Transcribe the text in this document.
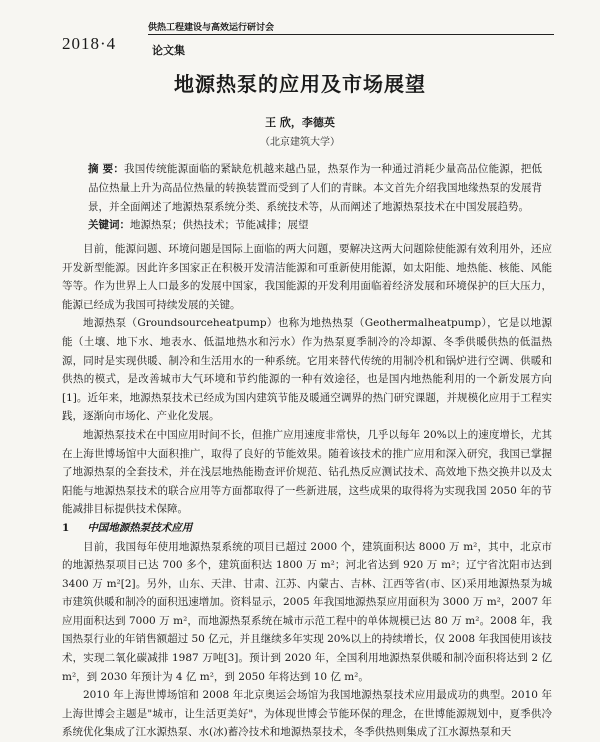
2018·4
供热工程建设与高效运行研讨会
论文集
地源热泵的应用及市场展望
王 欣，李德英
（北京建筑大学）
摘 要：我国传统能源面临的紧缺危机越来越凸显，热泵作为一种通过消耗少量高品位能源，把低品位热量上升为高品位热量的转换装置而受到了人们的青睐。本文首先介绍我国地缘热泵的发展背景，并全面阐述了地源热泵系统分类、系统技术等，从而阐述了地源热泵技术在中国发展趋势。
关键词：地源热泵；供热技术；节能减排；展望

目前，能源问题、环境问题是国际上面临的两大问题，要解决这两大问题除使能源有效利用外，还应开发新型能源。因此许多国家正在积极开发清洁能源和可重新使用能源，如太阳能、地热能、核能、风能等等。作为世界上人口最多的发展中国家，我国能源的开发利用面临着经济发展和环境保护的巨大压力，能源已经成为我国可持续发展的关键。

地源热泵（Groundsourceheatpump）也称为地热热泵（Geothermalheatpump），它是以地源能（土壤、地下水、地表水、低温地热水和污水）作为热泵夏季制冷的冷却源、冬季供暖供热的低温热源，同时是实现供暖、制冷和生活用水的一种系统。它用来替代传统的用制冷机和锅炉进行空调、供暖和供热的模式，是改善城市大气环境和节约能源的一种有效途径，也是国内地热能利用的一个新发展方向[1]。近年来，地源热泵技术已经成为国内建筑节能及暖通空调界的热门研究课题，并规模化应用于工程实践，逐渐向市场化、产业化发展。

地源热泵技术在中国应用时间不长，但推广应用速度非常快，几乎以每年 20%以上的速度增长，尤其在上海世博场馆中大面积推广，取得了良好的节能效果。随着该技术的推广应用和深入研究，我国已掌握了地源热泵的全套技术，并在浅层地热能勘查评价规范、钻孔热反应测试技术、高效地下热交换井以及太阳能与地源热泵技术的联合应用等方面都取得了一些新进展，这些成果的取得将为实现我国 2050 年的节能减排目标提供技术保障。

1 中国地源热泵技术应用

目前，我国每年使用地源热泵系统的项目已超过 2000 个，建筑面积达 8000 万 m²，其中，北京市的地源热泵项目已达 700 多个，建筑面积达 1800 万 m²；河北省达到 920 万 m²；辽宁省沈阳市达到 3400 万 m²[2]。另外，山东、天津、甘肃、江苏、内蒙古、吉林、江西等省(市、区)采用地源热泵为城市建筑供暖和制冷的面积迅速增加。资料显示，2005 年我国地源热泵应用面积为 3000 万 m²，2007 年应用面积达到 7000 万 m²，而地源热泵系统在城市示范工程中的单体规模已达 80 万 m²。2008 年，我国热泵行业的年销售额超过 50 亿元，并且继续多年实现 20%以上的持续增长，仅 2008 年我国使用该技术，实现二氧化碳减排 1987 万吨[3]。预计到 2020 年，全国利用地源热泵供暖和制冷面积将达到 2 亿 m²，到 2030 年预计为 4 亿 m²，到 2050 年将达到 10 亿 m²。

2010 年上海世博场馆和 2008 年北京奥运会场馆为我国地源热泵技术应用最成功的典型。2010 年上海世博会主题是"城市，让生活更美好"，为体现世博会节能环保的理念，在世博能源规划中，夏季供冷系统优化集成了江水源热泵、水(冰)蓄冷技术和地源热泵技术，冬季供热则集成了江水源热泵和天
